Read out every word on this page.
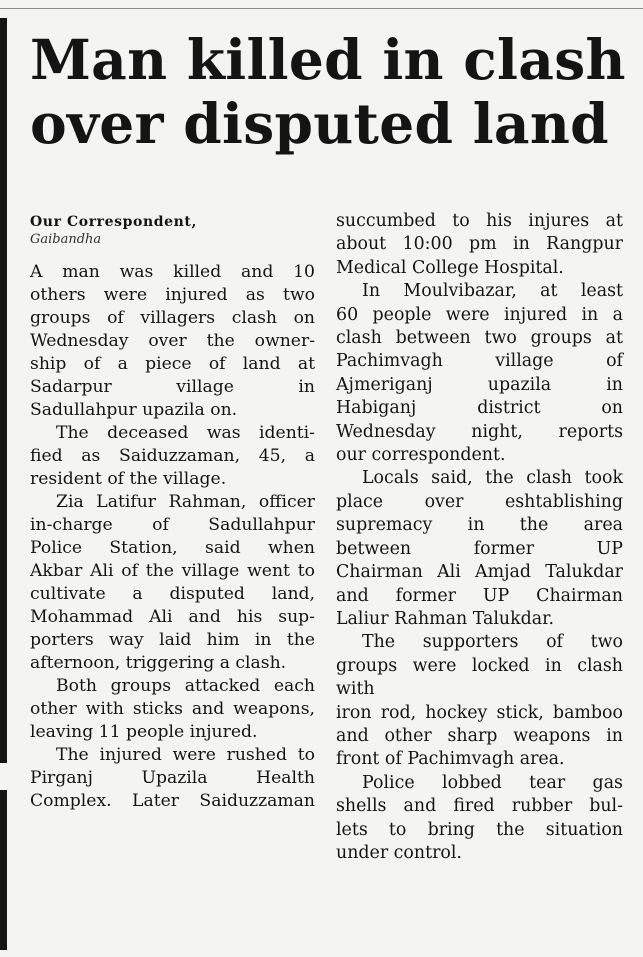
Man killed in clash
over disputed land
Our Correspondent,
Gaibandha

A man was killed and 10

others were injured as two

groups of villagers clash on

Wednesday over the owner-

ship of a piece of land at

Sadarpur village in

Sadullahpur upazila on.

The deceased was identi-

fied as Saiduzzaman, 45, a

resident of the village.

Zia Latifur Rahman, officer

in-charge of Sadullahpur

Police Station, said when

Akbar Ali of the village went to

cultivate a disputed land,

Mohammad Ali and his sup-

porters way laid him in the

afternoon, triggering a clash.

Both groups attacked each

other with sticks and weapons,

leaving 11 people injured.

The injured were rushed to

Pirganj Upazila Health

Complex. Later Saiduzzaman

succumbed to his injures at

about 10:00 pm in Rangpur

Medical College Hospital.

In Moulvibazar, at least

60 people were injured in a

clash between two groups at

Pachimvagh village of

Ajmeriganj upazila in

Habiganj district on

Wednesday night, reports

our correspondent.

Locals said, the clash took

place over eshtablishing

supremacy in the area

between former UP

Chairman Ali Amjad Talukdar

and former UP Chairman

Laliur Rahman Talukdar.

The supporters of two

groups were locked in clash with

iron rod, hockey stick, bamboo

and other sharp weapons in

front of Pachimvagh area.

Police lobbed tear gas

shells and fired rubber bul-

lets to bring the situation

under control.
